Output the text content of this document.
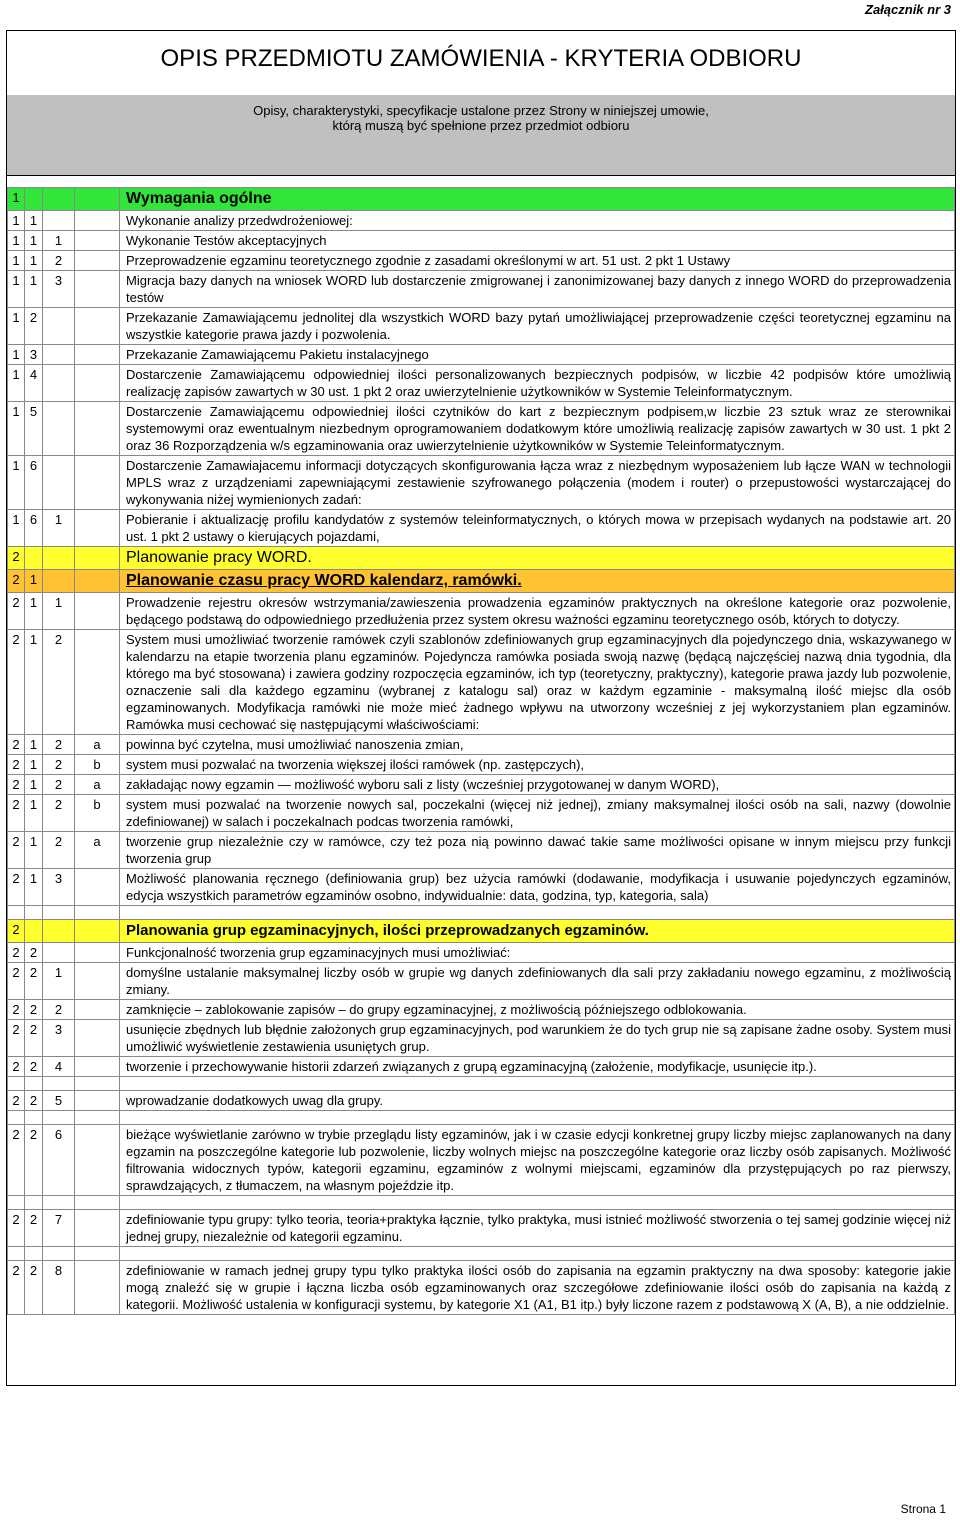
Załącznik nr 3
OPIS PRZEDMIOTU ZAMÓWIENIA - KRYTERIA ODBIORU
Opisy, charakterystyki, specyfikacje ustalone przez Strony w niniejszej umowie,
którą muszą być spełnione przez przedmiot odbioru
1				Wymagania ogólne
1	1			Wykonanie analizy przedwdrożeniowej:
1	1	1		Wykonanie Testów akceptacyjnych
1	1	2		Przeprowadzenie egzaminu teoretycznego zgodnie z zasadami określonymi w art. 51 ust. 2 pkt 1 Ustawy
1	1	3		Migracja bazy danych na wniosek WORD lub dostarczenie zmigrowanej i zanonimizowanej bazy danych z innego WORD do przeprowadzenia testów
1	2			Przekazanie Zamawiającemu jednolitej dla wszystkich WORD bazy pytań umożliwiającej przeprowadzenie części teoretycznej egzaminu na wszystkie kategorie prawa jazdy i pozwolenia.
1	3			Przekazanie Zamawiającemu Pakietu instalacyjnego
1	4			Dostarczenie Zamawiającemu odpowiedniej ilości personalizowanych bezpiecznych podpisów, w liczbie 42 podpisów które umożliwią realizację zapisów zawartych w 30 ust. 1 pkt 2 oraz uwierzytelnienie użytkowników w Systemie Teleinformatycznym.
1	5			Dostarczenie Zamawiającemu odpowiedniej ilości czytników do kart z bezpiecznym podpisem,w liczbie 23 sztuk wraz ze sterownikai systemowymi oraz ewentualnym niezbednym oprogramowaniem dodatkowym które umożliwią realizację zapisów zawartych w 30 ust. 1 pkt 2 oraz 36 Rozporządzenia w/s egzaminowania oraz uwierzytelnienie użytkowników w Systemie Teleinformatycznym.
1	6			Dostarczenie Zamawiajacemu informacji dotyczących skonfigurowania łącza wraz z niezbędnym wyposażeniem lub łącze WAN w technologii MPLS wraz z urządzeniami zapewniającymi zestawienie szyfrowanego połączenia (modem i router) o przepustowości wystarczającej do wykonywania niżej wymienionych zadań:
1	6	1		Pobieranie i aktualizację profilu kandydatów z systemów teleinformatycznych, o których mowa w przepisach wydanych na podstawie art. 20 ust. 1 pkt 2 ustawy o kierujących pojazdami,
2				Planowanie pracy WORD.
2	1			Planowanie czasu pracy WORD kalendarz, ramówki.
2	1	1		Prowadzenie rejestru okresów wstrzymania/zawieszenia prowadzenia egzaminów praktycznych na określone kategorie oraz pozwolenie, będącego podstawą do odpowiedniego przedłużenia przez system okresu ważności egzaminu teoretycznego osób, których to dotyczy.
2	1	2		System musi umożliwiać tworzenie ramówek czyli szablonów zdefiniowanych grup egzaminacyjnych dla pojedynczego dnia, wskazywanego w kalendarzu na etapie tworzenia planu egzaminów. Pojedyncza ramówka posiada swoją nazwę (będącą najczęściej nazwą dnia tygodnia, dla którego ma być stosowana) i zawiera godziny rozpoczęcia egzaminów, ich typ (teoretyczny, praktyczny), kategorie prawa jazdy lub pozwolenie, oznaczenie sali dla każdego egzaminu (wybranej z katalogu sal) oraz w każdym egzaminie - maksymalną ilość miejsc dla osób egzaminowanych. Modyfikacja ramówki nie może mieć żadnego wpływu na utworzony wcześniej z jej wykorzystaniem plan egzaminów. Ramówka musi cechować się następującymi właściwościami:
2	1	2	a	powinna być czytelna, musi umożliwiać nanoszenia zmian,
2	1	2	b	system musi pozwalać na tworzenia większej ilości ramówek (np. zastępczych),
2	1	2	a	zakładając nowy egzamin — możliwość wyboru sali z listy (wcześniej przygotowanej w danym WORD),
2	1	2	b	system musi pozwalać na tworzenie nowych sal, poczekalni (więcej niż jednej), zmiany maksymalnej ilości osób na sali, nazwy (dowolnie zdefiniowanej) w salach i poczekalnach podcas tworzenia ramówki,
2	1	2	a	tworzenie grup niezależnie czy w ramówce, czy też poza nią powinno dawać takie same możliwości opisane w innym miejscu przy funkcji tworzenia grup
2	1	3		Możliwość planowania ręcznego (definiowania grup) bez użycia ramówki (dodawanie, modyfikacja i usuwanie pojedynczych egzaminów, edycja wszystkich parametrów egzaminów osobno, indywidualnie: data, godzina, typ, kategoria, sala)

2				Planowania grup egzaminacyjnych, ilości przeprowadzanych egzaminów.
2	2			Funkcjonalność tworzenia grup egzaminacyjnych musi umożliwiać:
2	2	1		domyślne ustalanie maksymalnej liczby osób w grupie wg danych zdefiniowanych dla sali przy zakładaniu nowego egzaminu, z możliwością zmiany.
2	2	2		zamknięcie – zablokowanie zapisów – do grupy egzaminacyjnej, z możliwością późniejszego odblokowania.
2	2	3		usunięcie zbędnych lub błędnie założonych grup egzaminacyjnych, pod warunkiem że do tych grup nie są zapisane żadne osoby. System musi umożliwić wyświetlenie zestawienia usuniętych grup.
2	2	4		tworzenie i przechowywanie historii zdarzeń związanych z grupą egzaminacyjną (założenie, modyfikacje, usunięcie itp.).

2	2	5		wprowadzanie dodatkowych uwag dla grupy.

2	2	6		bieżące wyświetlanie zarówno w trybie przeglądu listy egzaminów, jak i w czasie edycji konkretnej grupy liczby miejsc zaplanowanych na dany egzamin na poszczególne kategorie lub pozwolenie, liczby wolnych miejsc na poszczególne kategorie oraz liczby osób zapisanych. Możliwość filtrowania widocznych typów, kategorii egzaminu, egzaminów z wolnymi miejscami, egzaminów dla przystępujących po raz pierwszy, sprawdzających, z tłumaczem, na własnym pojeździe itp.

2	2	7		zdefiniowanie typu grupy: tylko teoria, teoria+praktyka łącznie, tylko praktyka, musi istnieć możliwość stworzenia o tej samej godzinie więcej niż jednej grupy, niezależnie od kategorii egzaminu.

2	2	8		zdefiniowanie w ramach jednej grupy typu tylko praktyka ilości osób do zapisania na egzamin praktyczny na dwa sposoby: kategorie jakie mogą znaleźć się w grupie i łączna liczba osób egzaminowanych oraz szczegółowe zdefiniowanie ilości osób do zapisania na każdą z kategorii. Możliwość ustalenia w konfiguracji systemu, by kategorie X1 (A1, B1 itp.) były liczone razem z podstawową X (A, B), a nie oddzielnie.
Strona 1
